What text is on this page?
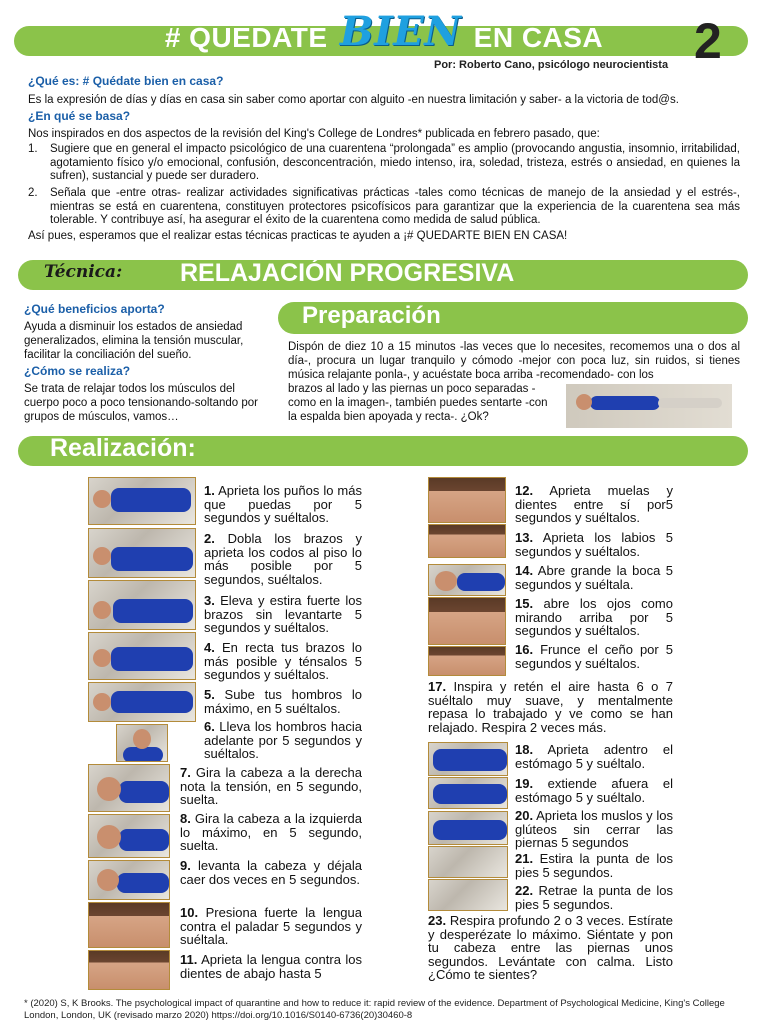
# QUEDATE BIEN EN CASA	2
Por: Roberto Cano, psicólogo neurocientista
¿Qué es: # Quédate bien en casa?
Es la expresión de días y días en casa sin saber como aportar con alguito -en nuestra limitación y saber- a la victoria de tod@s.
¿En qué se basa?
Nos inspirados en dos aspectos de la revisión del King's College de Londres* publicada en febrero pasado, que:
1.	Sugiere que en general el impacto psicológico de una cuarentena “prolongada” es amplio (provocando angustia, insomnio, irritabilidad, agotamiento físico y/o emocional, confusión, desconcentración, miedo intenso, ira, soledad, tristeza, estrés o ansiedad, en quienes la sufren), sustancial y puede ser duradero.
2.	Señala que -entre otras- realizar actividades significativas prácticas -tales como técnicas de manejo de la ansiedad y el estrés-, mientras se está en cuarentena, constituyen protectores psicofísicos para garantizar que la experiencia de la cuarentena sea más tolerable. Y contribuye así, ha asegurar el éxito de la cuarentena como medida de salud pública.
Así pues, esperamos que el realizar estas técnicas practicas te ayuden a ¡# QUEDARTE BIEN EN CASA!
Técnica: RELAJACIÓN PROGRESIVA
¿Qué beneficios aporta?
Ayuda a disminuir los estados de ansiedad generalizados, elimina la tensión muscular, facilitar la conciliación del sueño.
¿Cómo se realiza?
Se trata de relajar todos los músculos del cuerpo poco a poco tensionando-soltando por grupos de músculos, vamos…
Preparación
Dispón de diez 10 a 15 minutos -las veces que lo necesites, recomemos una o dos al día-, procura un lugar tranquilo y cómodo -mejor con poca luz, sin ruidos, si tienes música relajante ponla-, y acuéstate boca arriba -recomendado- con los
brazos al lado y las piernas un poco separadas -como en la imagen-, también puedes sentarte -con la espalda bien apoyada y recta-. ¿Ok?
Realización:
1. Aprieta los puños lo más que puedas por 5 segundos y suéltalos.
2. Dobla los brazos y aprieta los codos al piso lo más posible por 5 segundos, suéltalos.
3. Eleva y estira fuerte los brazos sin levantarte 5 segundos y suéltalos.
4. En recta tus brazos lo más posible y ténsalos 5 segundos y suéltalos.
5. Sube tus hombros lo máximo, en 5 suéltalos.
6. Lleva los hombros hacia adelante por 5 segundos y suéltalos.
7. Gira la cabeza a la derecha nota la tensión, en 5 segundo, suelta.
8. Gira la cabeza a la izquierda lo máximo, en 5 segundo, suelta.
9. levanta la cabeza y déjala caer dos veces en 5 segundos.
10. Presiona fuerte la lengua contra el paladar 5 segundos y suéltala.
11. Aprieta la lengua contra los dientes de abajo hasta 5
12. Aprieta muelas y dientes entre sí por5 segundos y suéltalos.
13. Aprieta los labios 5 segundos y suéltalos.
14. Abre grande la boca 5 segundos y suéltala.
15. abre los ojos como mirando arriba por 5 segundos y suéltalos.
16. Frunce el ceño por 5 segundos y suéltalos.
17. Inspira y retén el aire hasta 6 o 7 suéltalo muy suave, y mentalmente repasa lo trabajado y ve como se han relajado. Respira 2 veces más.
18. Aprieta adentro el estómago 5 y suéltalo.
19. extiende afuera el estómago 5 y suéltalo.
20. Aprieta los muslos y los glúteos sin cerrar las piernas 5 segundos
21. Estira la punta de los pies 5 segundos.
22. Retrae la punta de los pies 5 segundos.
23. Respira profundo 2 o 3 veces. Estírate y desperézate lo máximo. Siéntate y pon tu cabeza entre las piernas unos segundos. Levántate con calma. Listo ¿Cómo te sientes?
* (2020) S, K Brooks. The psychological impact of quarantine and how to reduce it: rapid review of the evidence. Department of Psychological Medicine, King's College London, London, UK (revisado marzo 2020) https://doi.org/10.1016/S0140-6736(20)30460-8
